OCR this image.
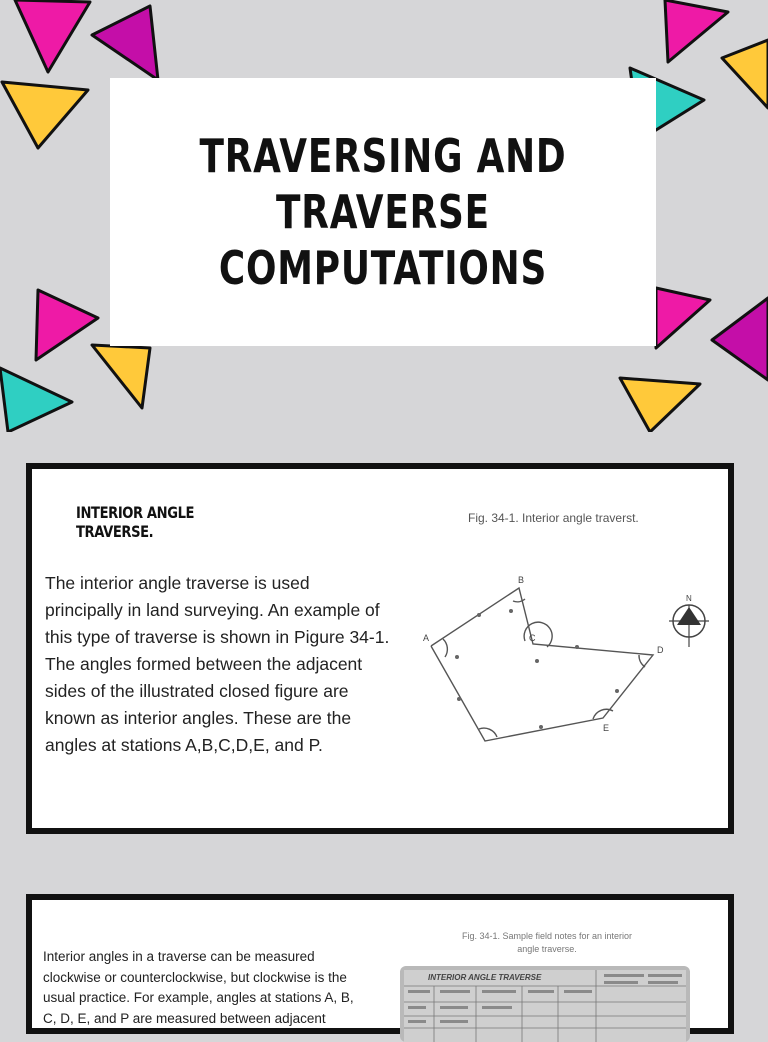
TRAVERSING AND TRAVERSE COMPUTATIONS
INTERIOR ANGLE TRAVERSE.

Fig. 34-1. Interior angle traverst.

The interior angle traverse is used principally in land surveying. An example of this type of traverse is shown in Pigure 34-1. The angles formed between the adjacent sides of the illustrated closed figure are known as interior angles. These are the angles at stations A,B,C,D,E, and P.

A
B
C
D
E
N

Fig. 34-1. Sample field notes for an interior angle traverse.

Interior angles in a traverse can be measured clockwise or counterclockwise, but clockwise is the usual practice. For example, angles at stations A, B, C, D, E, and P are measured between adjacent

INTERIOR ANGLE TRAVERSE
